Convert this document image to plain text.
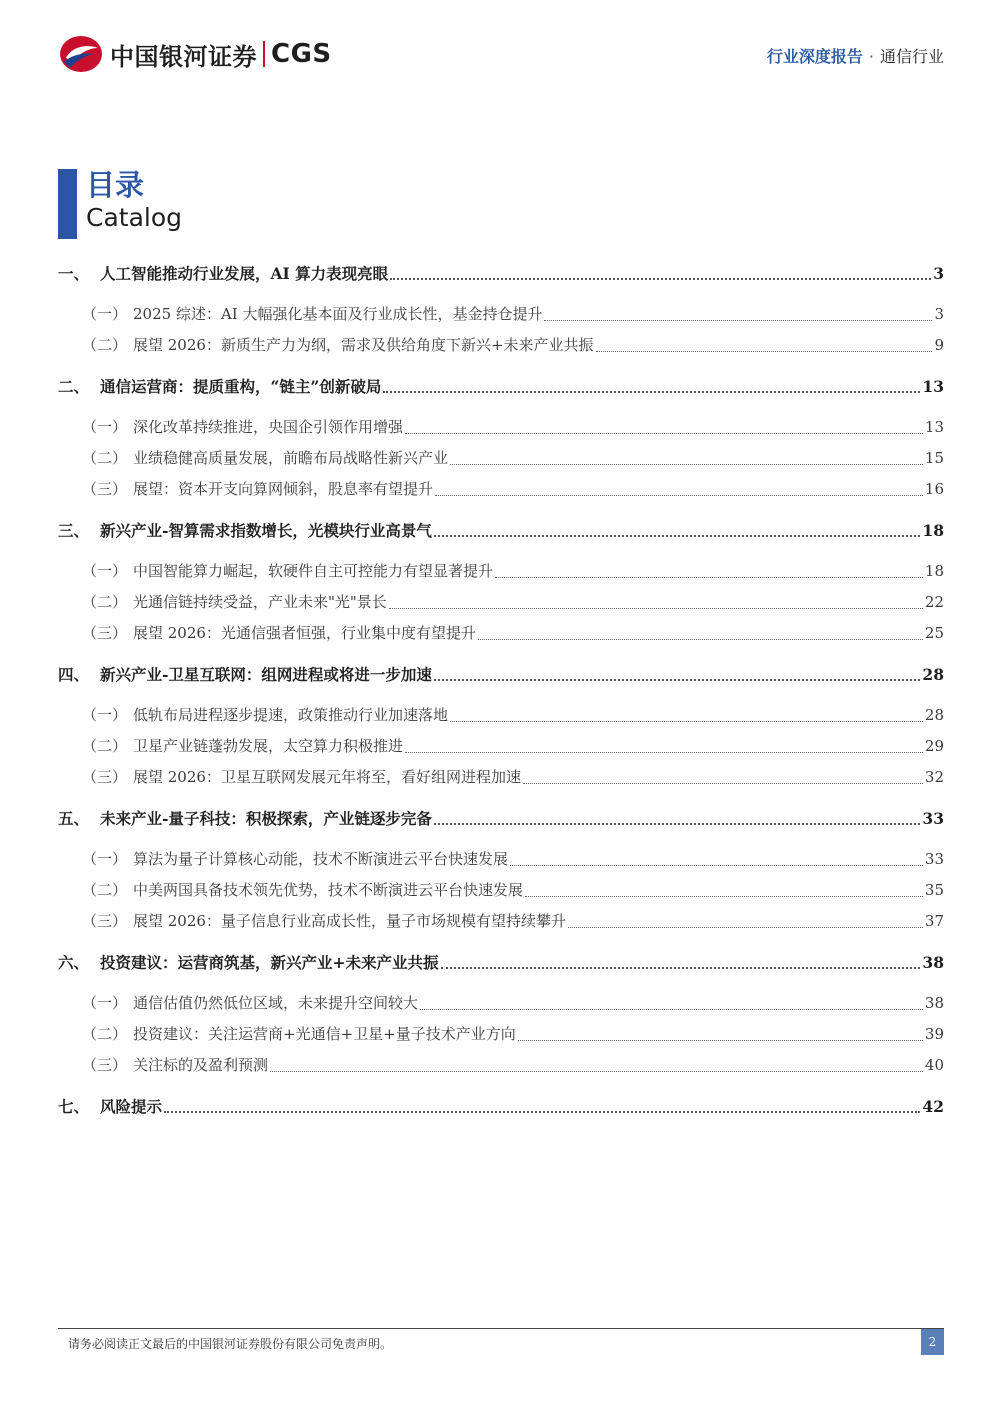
中国银河证券 CGS	行业深度报告 · 通信行业
目录
Catalog
一、 人工智能推动行业发展，AI 算力表现亮眼	3
（一） 2025 综述：AI 大幅强化基本面及行业成长性，基金持仓提升	3
（二） 展望 2026：新质生产力为纲，需求及供给角度下新兴+未来产业共振	9
二、 通信运营商：提质重构，“链主”创新破局	13
（一） 深化改革持续推进，央国企引领作用增强	13
（二） 业绩稳健高质量发展，前瞻布局战略性新兴产业	15
（三） 展望：资本开支向算网倾斜，股息率有望提升	16
三、 新兴产业-智算需求指数增长，光模块行业高景气	18
（一） 中国智能算力崛起，软硬件自主可控能力有望显著提升	18
（二） 光通信链持续受益，产业未来"光"景长	22
（三） 展望 2026：光通信强者恒强，行业集中度有望提升	25
四、 新兴产业-卫星互联网：组网进程或将进一步加速	28
（一） 低轨布局进程逐步提速，政策推动行业加速落地	28
（二） 卫星产业链蓬勃发展，太空算力积极推进	29
（三） 展望 2026：卫星互联网发展元年将至，看好组网进程加速	32
五、 未来产业-量子科技：积极探索，产业链逐步完备	33
（一） 算法为量子计算核心动能，技术不断演进云平台快速发展	33
（二） 中美两国具备技术领先优势，技术不断演进云平台快速发展	35
（三） 展望 2026：量子信息行业高成长性，量子市场规模有望持续攀升	37
六、 投资建议：运营商筑基，新兴产业+未来产业共振	38
（一） 通信估值仍然低位区域，未来提升空间较大	38
（二） 投资建议：关注运营商+光通信+卫星+量子技术产业方向	39
（三） 关注标的及盈利预测	40
七、 风险提示	42
请务必阅读正文最后的中国银河证券股份有限公司免责声明。	2
